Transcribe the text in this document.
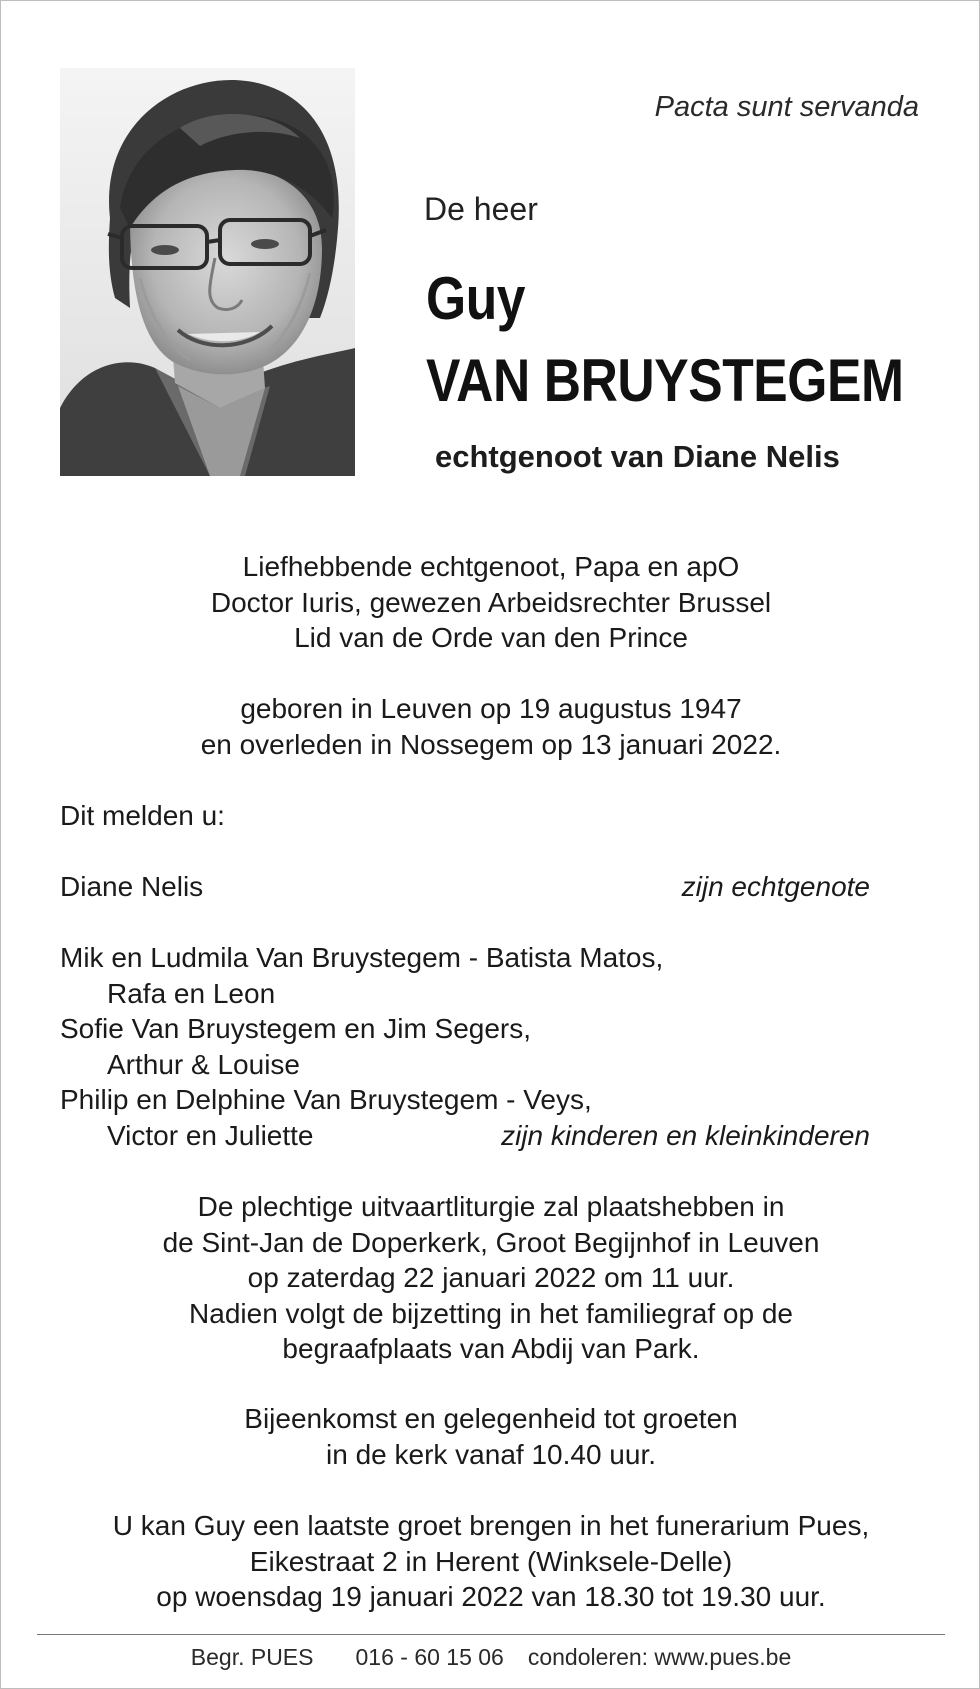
Pacta sunt servanda
De heer
Guy
VAN BRUYSTEGEM
echtgenoot van Diane Nelis
Liefhebbende echtgenoot, Papa en apO
Doctor Iuris, gewezen Arbeidsrechter Brussel
Lid van de Orde van den Prince
geboren in Leuven op 19 augustus 1947
en overleden in Nossegem op 13 januari 2022.
Dit melden u:
Diane Nelis	zijn echtgenote
Mik en Ludmila Van Bruystegem - Batista Matos,
Rafa en Leon
Sofie Van Bruystegem en Jim Segers,
Arthur & Louise
Philip en Delphine Van Bruystegem - Veys,
Victor en Juliette	zijn kinderen en kleinkinderen
De plechtige uitvaartliturgie zal plaatshebben in
de Sint-Jan de Doperkerk, Groot Begijnhof in Leuven
op zaterdag 22 januari 2022 om 11 uur.
Nadien volgt de bijzetting in het familiegraf op de
begraafplaats van Abdij van Park.
Bijeenkomst en gelegenheid tot groeten
in de kerk vanaf 10.40 uur.
U kan Guy een laatste groet brengen in het funerarium Pues,
Eikestraat 2 in Herent (Winksele-Delle)
op woensdag 19 januari 2022 van 18.30 tot 19.30 uur.
Begr. PUES 016 - 60 15 06 condoleren: www.pues.be
